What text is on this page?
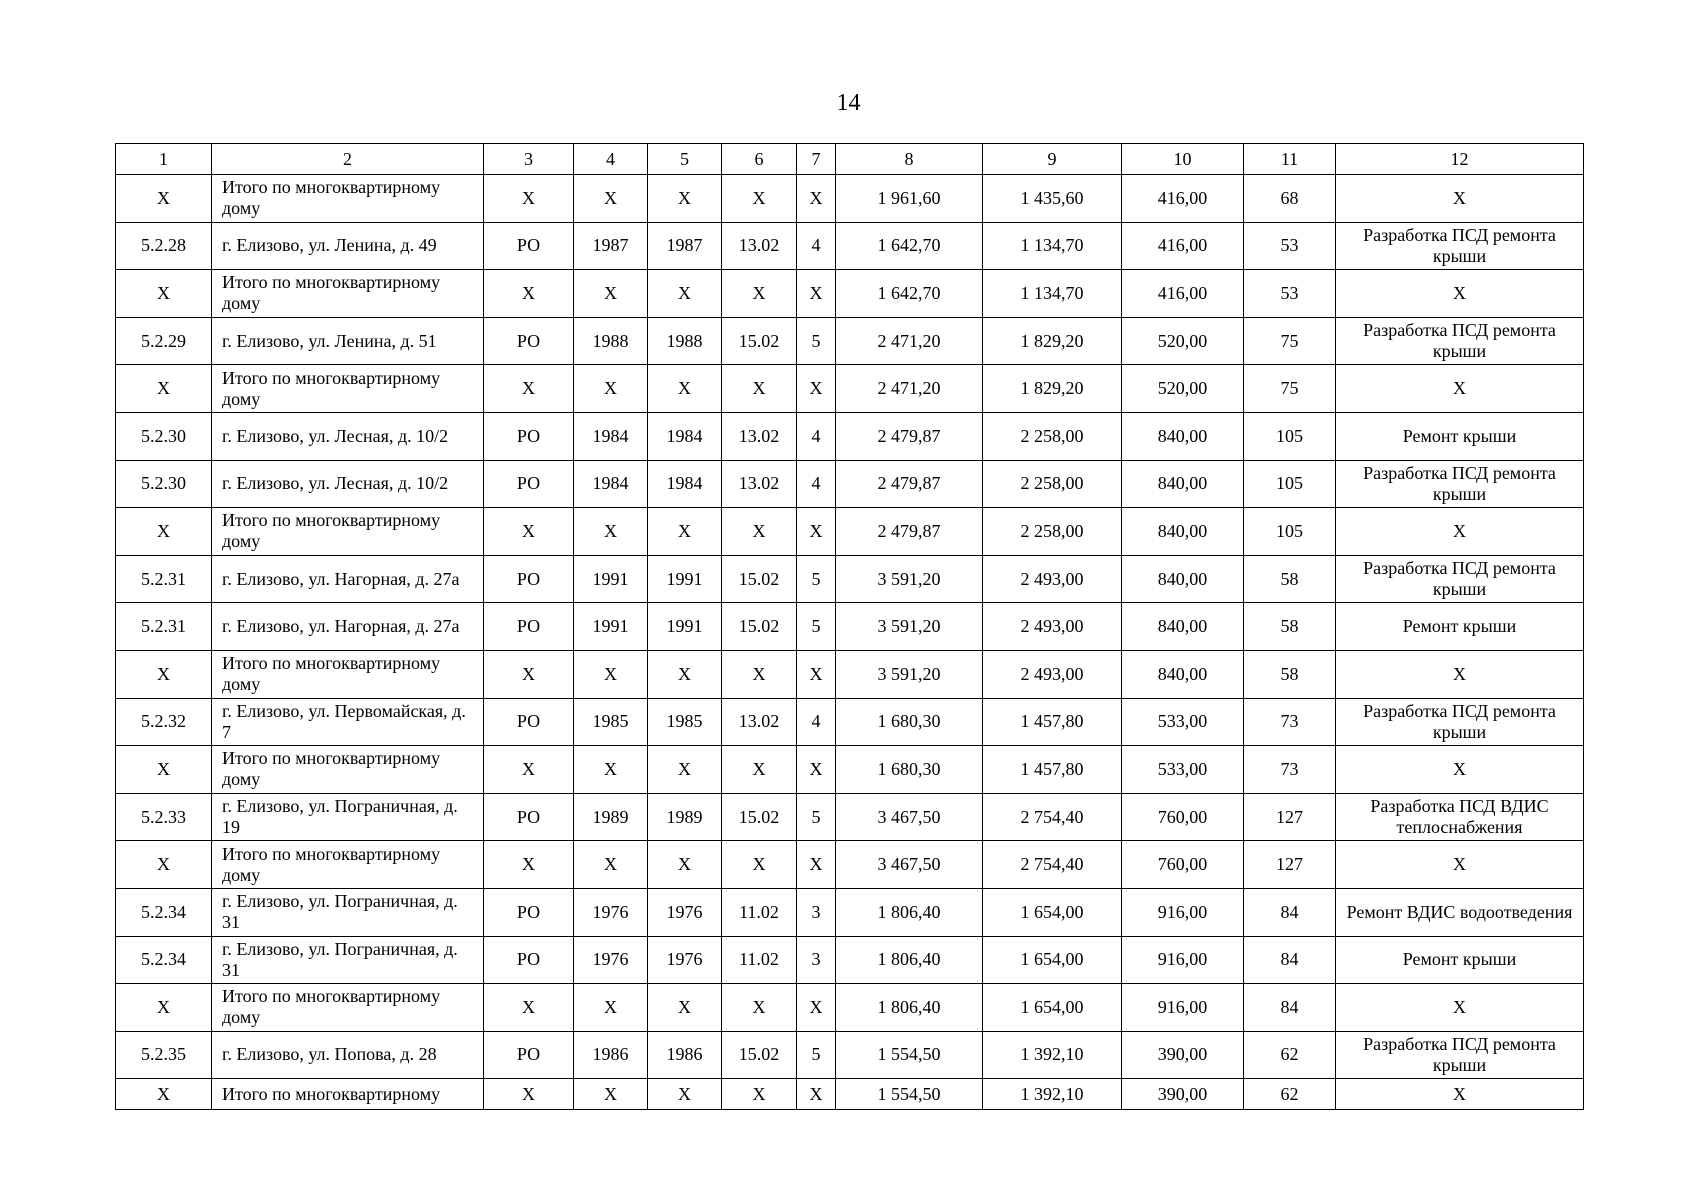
14
1	2	3	4	5	6	7	8	9	10	11	12
X	Итого по многоквартирному дому	X	X	X	X	X	1 961,60	1 435,60	416,00	68	X
5.2.28	г. Елизово, ул. Ленина, д. 49	РО	1987	1987	13.02	4	1 642,70	1 134,70	416,00	53	Разработка ПСД ремонта крыши
X	Итого по многоквартирному дому	X	X	X	X	X	1 642,70	1 134,70	416,00	53	X
5.2.29	г. Елизово, ул. Ленина, д. 51	РО	1988	1988	15.02	5	2 471,20	1 829,20	520,00	75	Разработка ПСД ремонта крыши
X	Итого по многоквартирному дому	X	X	X	X	X	2 471,20	1 829,20	520,00	75	X
5.2.30	г. Елизово, ул. Лесная, д. 10/2	РО	1984	1984	13.02	4	2 479,87	2 258,00	840,00	105	Ремонт крыши
5.2.30	г. Елизово, ул. Лесная, д. 10/2	РО	1984	1984	13.02	4	2 479,87	2 258,00	840,00	105	Разработка ПСД ремонта крыши
X	Итого по многоквартирному дому	X	X	X	X	X	2 479,87	2 258,00	840,00	105	X
5.2.31	г. Елизово, ул. Нагорная, д. 27а	РО	1991	1991	15.02	5	3 591,20	2 493,00	840,00	58	Разработка ПСД ремонта крыши
5.2.31	г. Елизово, ул. Нагорная, д. 27а	РО	1991	1991	15.02	5	3 591,20	2 493,00	840,00	58	Ремонт крыши
X	Итого по многоквартирному дому	X	X	X	X	X	3 591,20	2 493,00	840,00	58	X
5.2.32	г. Елизово, ул. Первомайская, д. 7	РО	1985	1985	13.02	4	1 680,30	1 457,80	533,00	73	Разработка ПСД ремонта крыши
X	Итого по многоквартирному дому	X	X	X	X	X	1 680,30	1 457,80	533,00	73	X
5.2.33	г. Елизово, ул. Пограничная, д. 19	РО	1989	1989	15.02	5	3 467,50	2 754,40	760,00	127	Разработка ПСД ВДИС теплоснабжения
X	Итого по многоквартирному дому	X	X	X	X	X	3 467,50	2 754,40	760,00	127	X
5.2.34	г. Елизово, ул. Пограничная, д. 31	РО	1976	1976	11.02	3	1 806,40	1 654,00	916,00	84	Ремонт ВДИС водоотведения
5.2.34	г. Елизово, ул. Пограничная, д. 31	РО	1976	1976	11.02	3	1 806,40	1 654,00	916,00	84	Ремонт крыши
X	Итого по многоквартирному дому	X	X	X	X	X	1 806,40	1 654,00	916,00	84	X
5.2.35	г. Елизово, ул. Попова, д. 28	РО	1986	1986	15.02	5	1 554,50	1 392,10	390,00	62	Разработка ПСД ремонта крыши
X	Итого по многоквартирному	X	X	X	X	X	1 554,50	1 392,10	390,00	62	X
